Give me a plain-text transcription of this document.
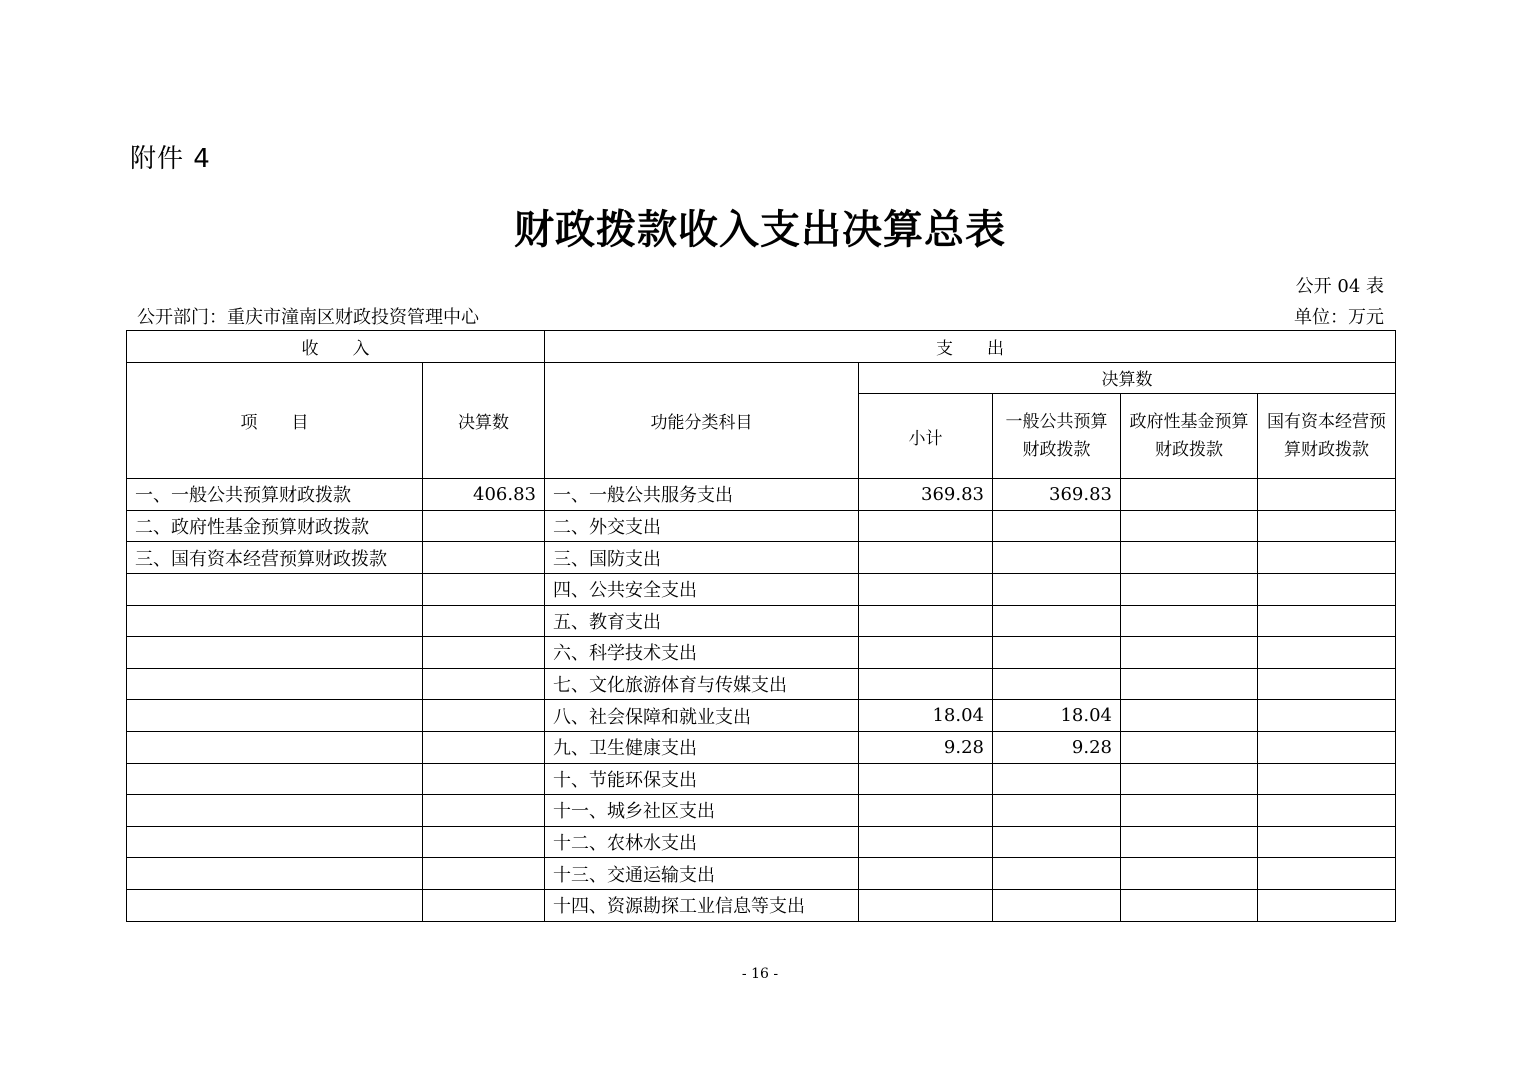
附件 4
财政拨款收入支出决算总表
公开 04 表
公开部门：重庆市潼南区财政投资管理中心	单位：万元
收　　入		支　　出				
项　　目	决算数	功能分类科目	决算数			
			小计	一般公共预算财政拨款	政府性基金预算财政拨款	国有资本经营预算财政拨款
一、一般公共预算财政拨款	406.83	一、一般公共服务支出	369.83	369.83		
二、政府性基金预算财政拨款		二、外交支出				
三、国有资本经营预算财政拨款		三、国防支出				
		四、公共安全支出				
		五、教育支出				
		六、科学技术支出				
		七、文化旅游体育与传媒支出				
		八、社会保障和就业支出	18.04	18.04		
		九、卫生健康支出	9.28	9.28		
		十、节能环保支出				
		十一、城乡社区支出				
		十二、农林水支出				
		十三、交通运输支出				
		十四、资源勘探工业信息等支出				
- 16 -
